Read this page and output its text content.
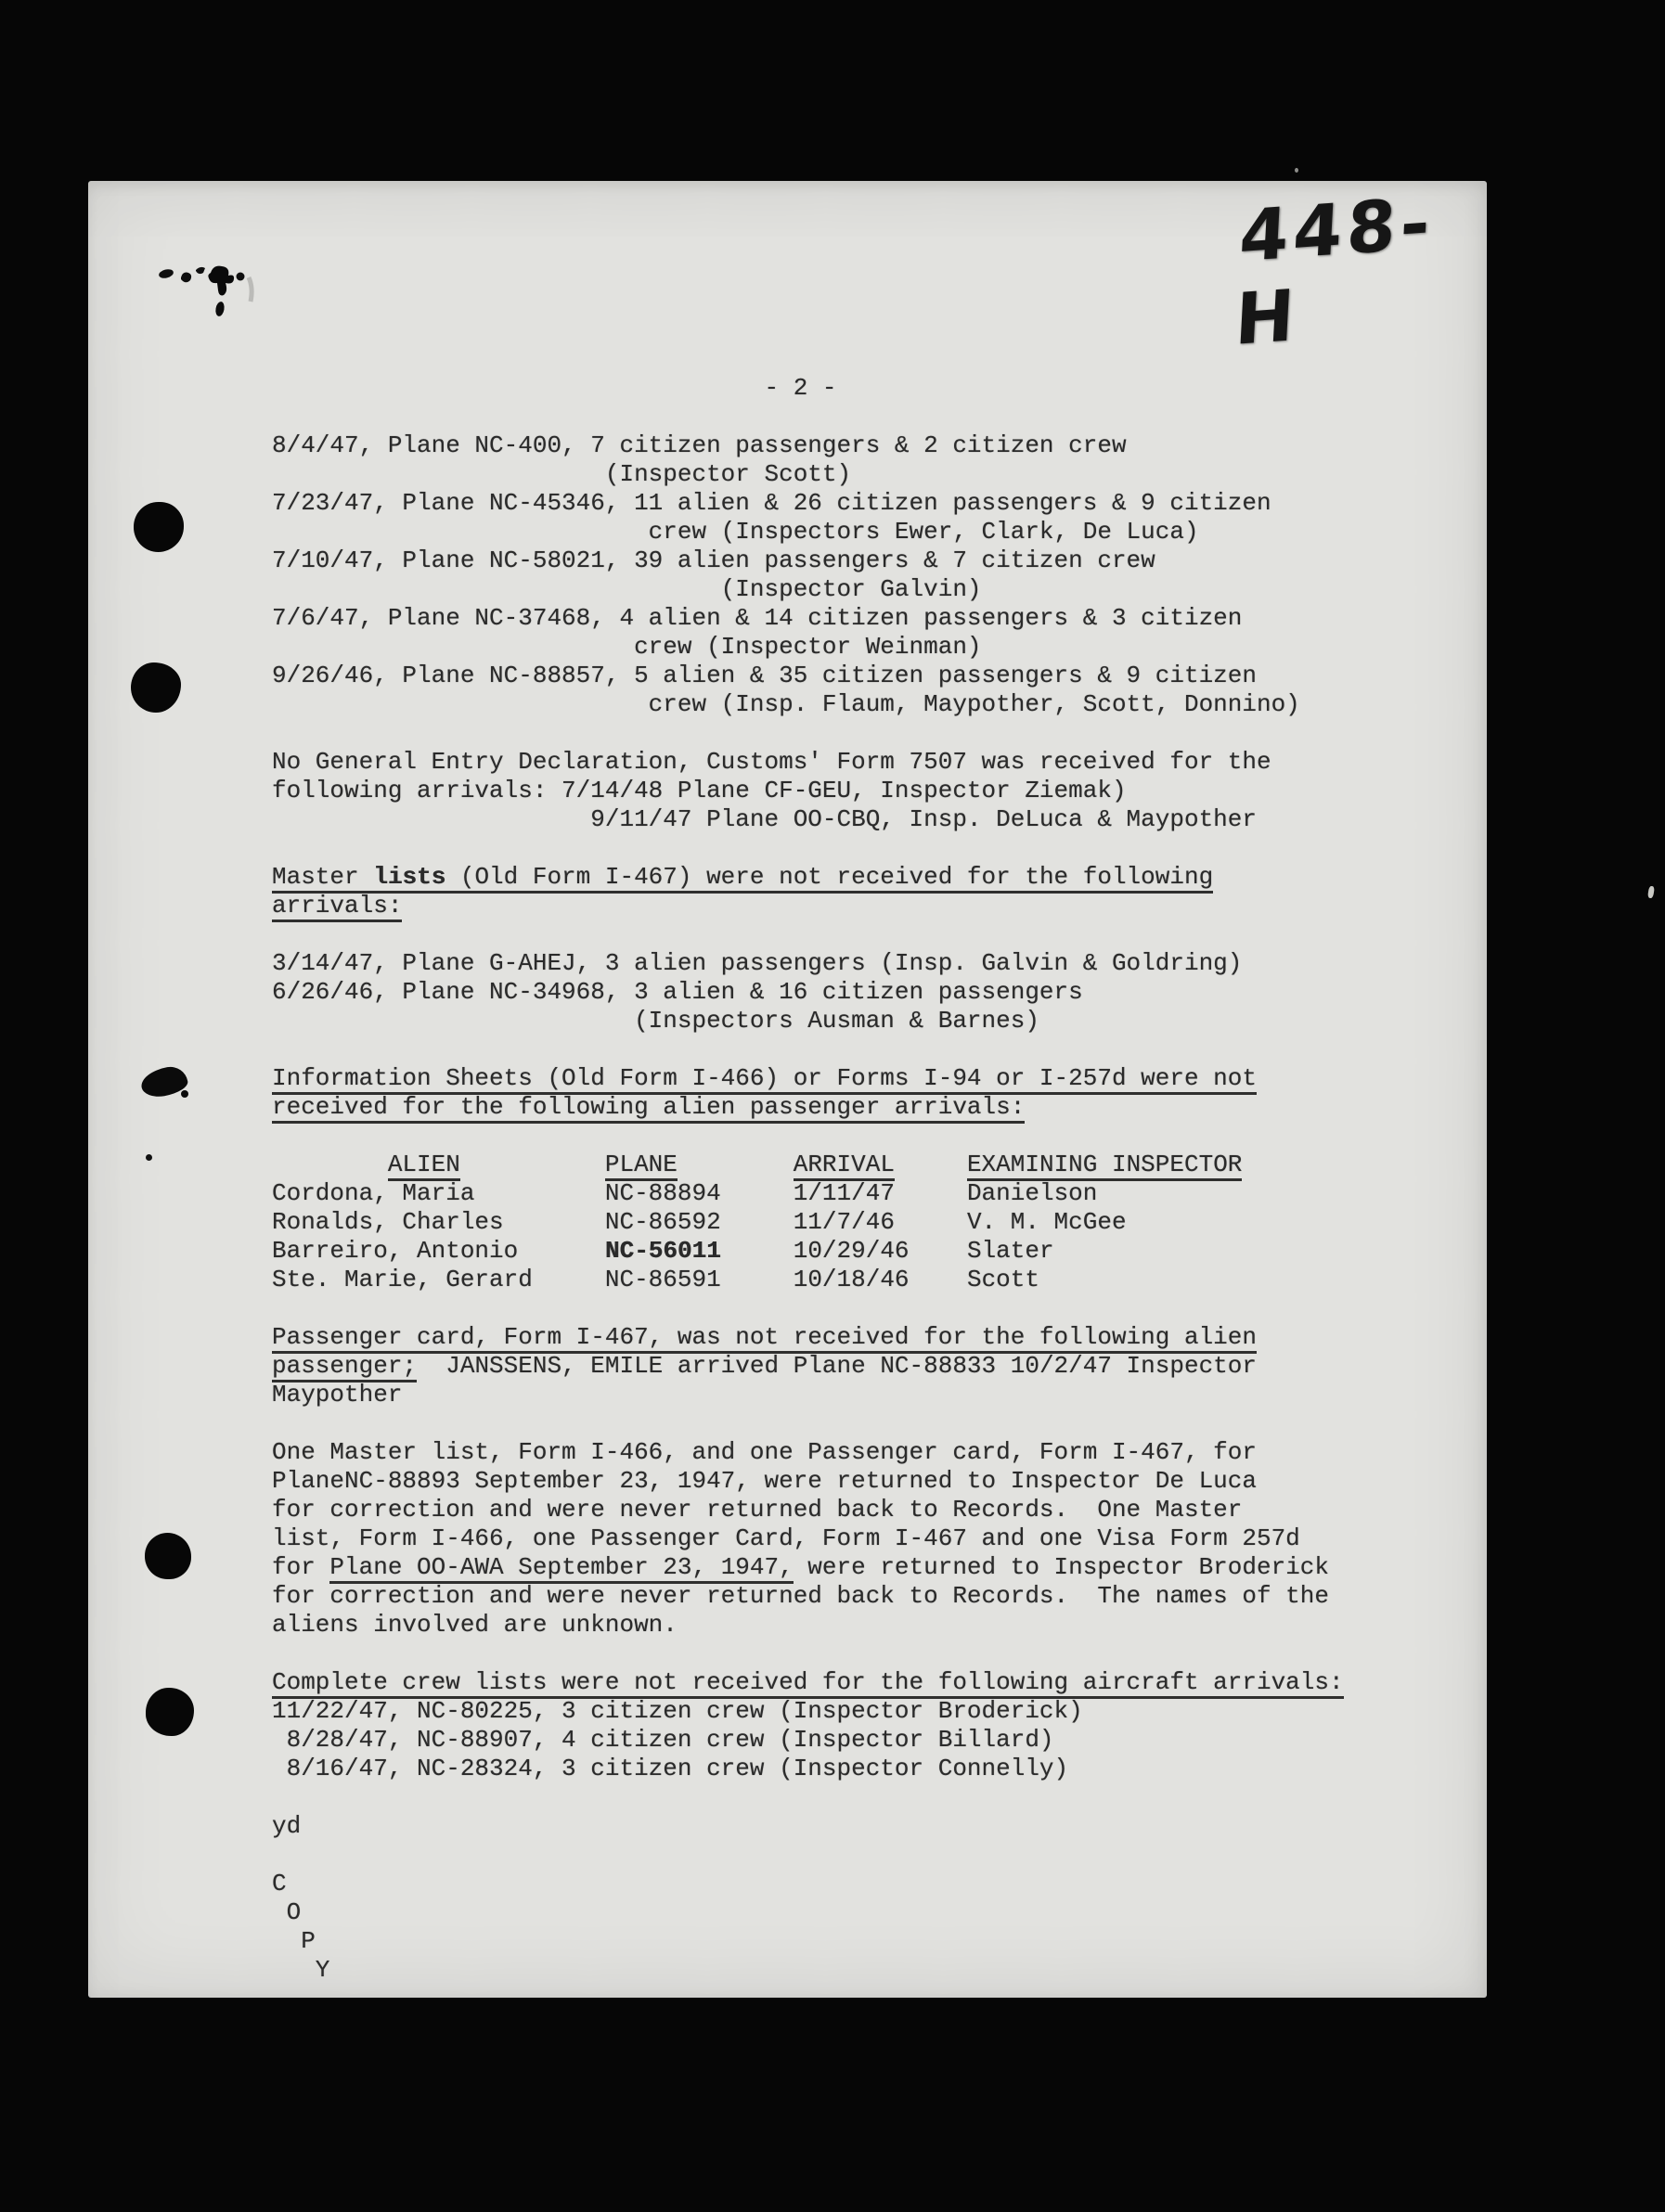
448-H
- 2 -

8/4/47, Plane NC-400, 7 citizen passengers & 2 citizen crew
(Inspector Scott)
7/23/47, Plane NC-45346, 11 alien & 26 citizen passengers & 9 citizen
crew (Inspectors Ewer, Clark, De Luca)
7/10/47, Plane NC-58021, 39 alien passengers & 7 citizen crew
(Inspector Galvin)
7/6/47, Plane NC-37468, 4 alien & 14 citizen passengers & 3 citizen
crew (Inspector Weinman)
9/26/46, Plane NC-88857, 5 alien & 35 citizen passengers & 9 citizen
crew (Insp. Flaum, Maypother, Scott, Donnino)

No General Entry Declaration, Customs' Form 7507 was received for the
following arrivals: 7/14/48 Plane CF-GEU, Inspector Ziemak)
9/11/47 Plane OO-CBQ, Insp. DeLuca & Maypother

Master lists (Old Form I-467) were not received for the following
arrivals:

3/14/47, Plane G-AHEJ, 3 alien passengers (Insp. Galvin & Goldring)
6/26/46, Plane NC-34968, 3 alien & 16 citizen passengers
(Inspectors Ausman & Barnes)

Information Sheets (Old Form I-466) or Forms I-94 or I-257d were not
received for the following alien passenger arrivals:

ALIEN	PLANE	ARRIVAL	EXAMINING INSPECTOR
Cordona, Maria	NC-88894	1/11/47	Danielson
Ronalds, Charles	NC-86592	11/7/46	V. M. McGee
Barreiro, Antonio	NC-56011	10/29/46 Slater
Ste. Marie, Gerard	NC-86591	10/18/46 Scott

Passenger card, Form I-467, was not received for the following alien
passenger;  JANSSENS, EMILE arrived Plane NC-88833 10/2/47 Inspector
Maypother

One Master list, Form I-466, and one Passenger card, Form I-467, for
PlaneNC-88893 September 23, 1947, were returned to Inspector De Luca
for correction and were never returned back to Records.  One Master
list, Form I-466, one Passenger Card, Form I-467 and one Visa Form 257d
for Plane OO-AWA September 23, 1947, were returned to Inspector Broderick
for correction and were never returned back to Records.  The names of the
aliens involved are unknown.

Complete crew lists were not received for the following aircraft arrivals:
11/22/47, NC-80225, 3 citizen crew (Inspector Broderick)
8/28/47, NC-88907, 4 citizen crew (Inspector Billard)
8/16/47, NC-28324, 3 citizen crew (Inspector Connelly)

yd

C
O
P
Y
